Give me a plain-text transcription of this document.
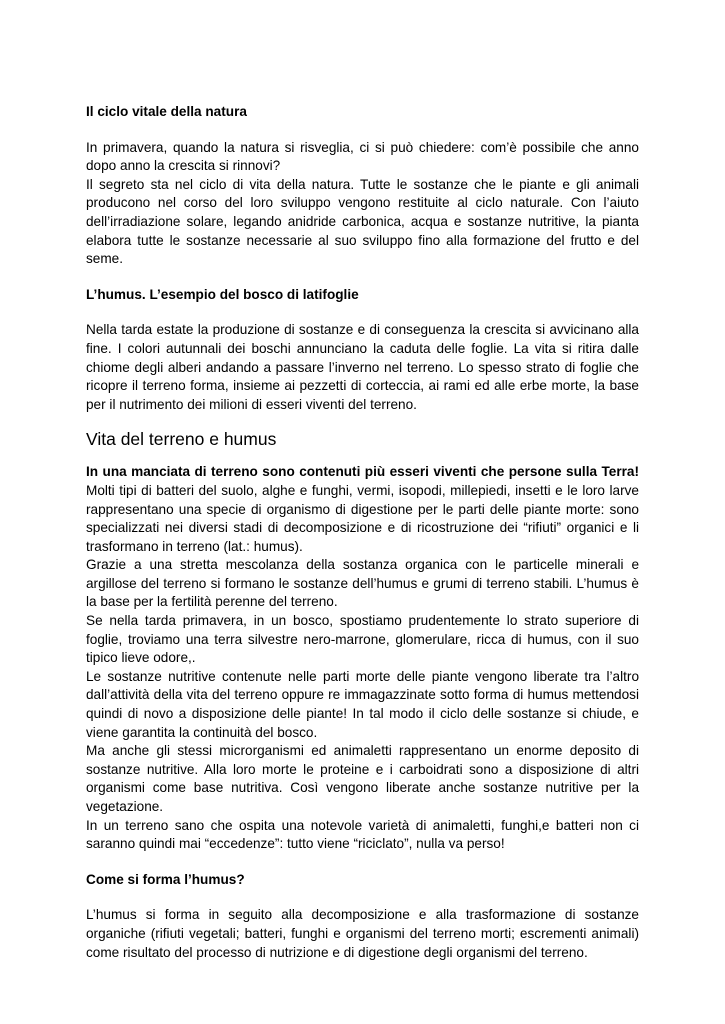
Il ciclo vitale della natura

In primavera, quando la natura si risveglia, ci si può chiedere: com’è possibile che anno dopo anno la crescita si rinnovi?

Il segreto sta nel ciclo di vita della natura. Tutte le sostanze che le piante e gli animali producono nel corso del loro sviluppo vengono restituite al ciclo naturale. Con l’aiuto dell’irradiazione solare, legando anidride carbonica, acqua e sostanze nutritive, la pianta elabora tutte le sostanze necessarie al suo sviluppo fino alla formazione del frutto e del seme.

L’humus. L’esempio del bosco di latifoglie

Nella tarda estate la produzione di sostanze e di conseguenza la crescita si avvicinano alla fine. I colori autunnali dei boschi annunciano la caduta delle foglie. La vita si ritira dalle chiome degli alberi andando a passare l’inverno nel terreno. Lo spesso strato di foglie che ricopre il terreno forma, insieme ai pezzetti di corteccia, ai rami ed alle erbe morte, la base per il nutrimento dei milioni di esseri viventi del terreno.

Vita del terreno e humus

In una manciata di terreno sono contenuti più esseri viventi che persone sulla Terra! Molti tipi di batteri del suolo, alghe e funghi, vermi, isopodi, millepiedi, insetti e le loro larve rappresentano una specie di organismo di digestione per le parti delle piante morte: sono specializzati nei diversi stadi di decomposizione e di ricostruzione dei “rifiuti” organici e li trasformano in terreno (lat.: humus).

Grazie a una stretta mescolanza della sostanza organica con le particelle minerali e argillose del terreno si formano le sostanze dell’humus e grumi di terreno stabili. L’humus è la base per la fertilità perenne del terreno.

Se nella tarda primavera, in un bosco, spostiamo prudentemente lo strato superiore di foglie, troviamo una terra silvestre nero-marrone, glomerulare, ricca di humus, con il suo tipico lieve odore,.

Le sostanze nutritive contenute nelle parti morte delle piante vengono liberate tra l’altro dall’attività della vita del terreno oppure re immagazzinate sotto forma di humus mettendosi quindi di novo a disposizione delle piante! In tal modo il ciclo delle sostanze si chiude, e viene garantita la continuità del bosco.

Ma anche gli stessi microrganismi ed animaletti rappresentano un enorme deposito di sostanze nutritive. Alla loro morte le proteine e i carboidrati sono a disposizione di altri organismi come base nutritiva. Così vengono liberate anche sostanze nutritive per la vegetazione.

In un terreno sano che ospita una notevole varietà di animaletti, funghi,e batteri non ci saranno quindi mai “eccedenze”: tutto viene “riciclato”, nulla va perso!

Come si forma l’humus?

L’humus si forma in seguito alla decomposizione e alla trasformazione di sostanze organiche (rifiuti vegetali; batteri, funghi e organismi del terreno morti; escrementi animali) come risultato del processo di nutrizione e di digestione degli organismi del terreno.
